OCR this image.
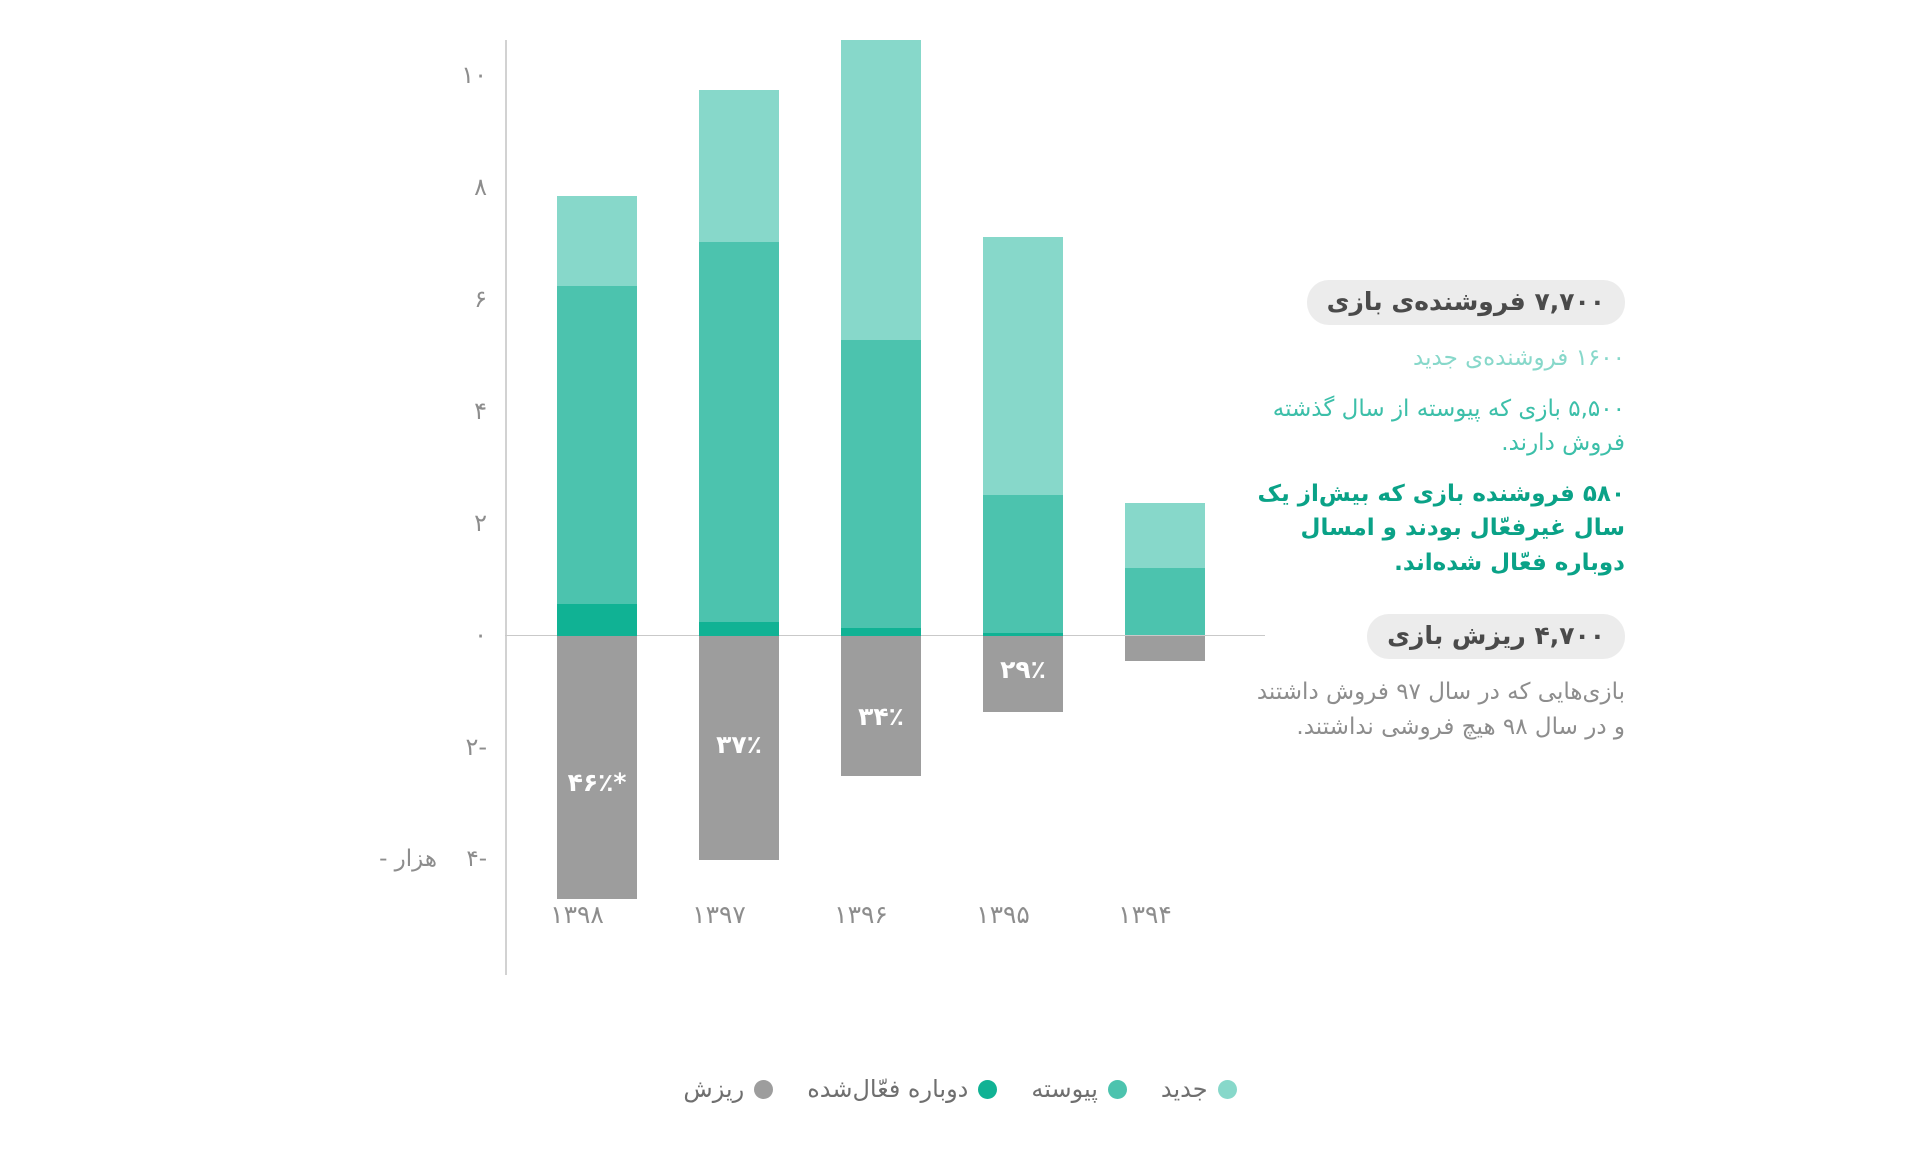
۱۰
۸
۶
۴
۲
۰
-۲
-۴
هزار -
۱۳۹۴
۲۹٪
۱۳۹۵
۳۴٪
۱۳۹۶
۳۷٪
۱۳۹۷
*۴۶٪
۱۳۹۸
۷,۷۰۰ فروشنده‌ی بازی
۱۶۰۰ فروشنده‌ی جدید
۵,۵۰۰ بازی که پیوسته از سال گذشته فروش دارند.
۵۸۰ فروشنده بازی که بیش‌از یک سال غیرفعّال بودند و امسال دوباره فعّال شده‌اند.
۴,۷۰۰ ریزش بازی
بازی‌هایی که در سال ۹۷ فروش داشتند و در سال ۹۸ هیچ فروشی نداشتند.
جدید
پیوسته
دوباره فعّال‌شده
ریزش
